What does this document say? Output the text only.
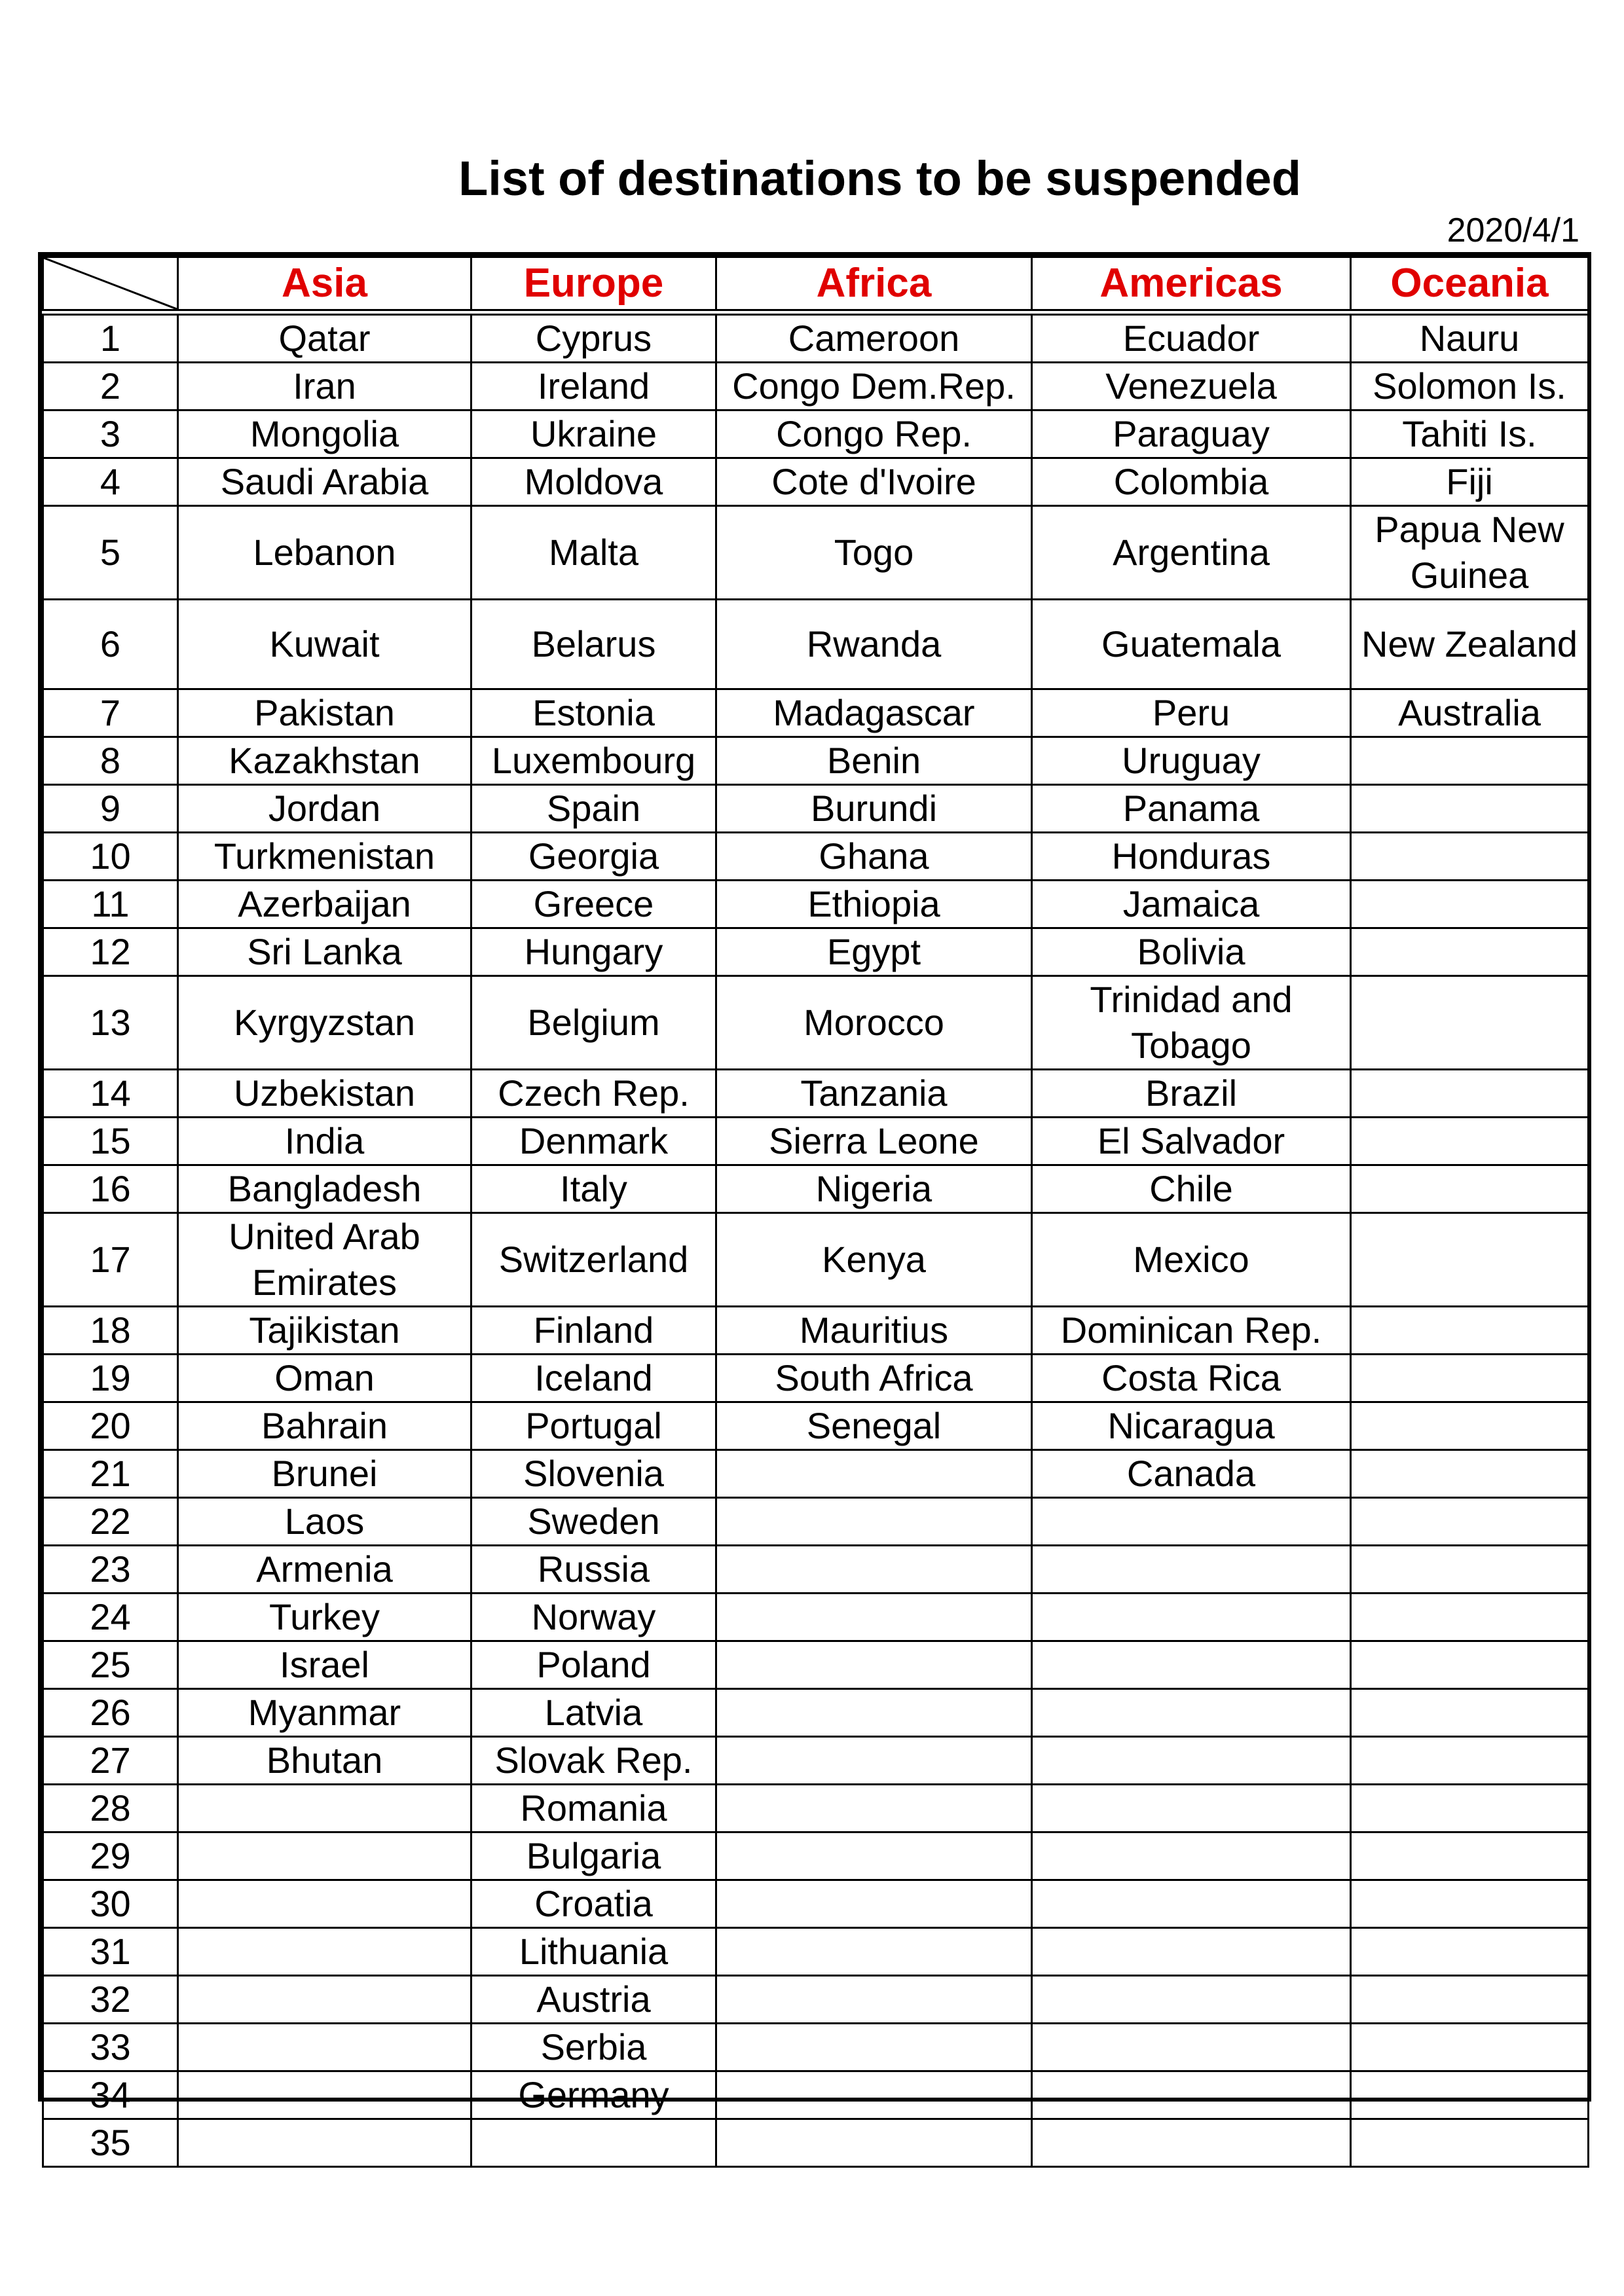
List of destinations to be suspended
2020/4/1
	Asia	Europe	Africa	Americas	Oceania
1	Qatar	Cyprus	Cameroon	Ecuador	Nauru
2	Iran	Ireland	Congo Dem.Rep.	Venezuela	Solomon Is.
3	Mongolia	Ukraine	Congo Rep.	Paraguay	Tahiti Is.
4	Saudi Arabia	Moldova	Cote d'Ivoire	Colombia	Fiji
5	Lebanon	Malta	Togo	Argentina	Papua New Guinea
6	Kuwait	Belarus	Rwanda	Guatemala	New Zealand
7	Pakistan	Estonia	Madagascar	Peru	Australia
8	Kazakhstan	Luxembourg	Benin	Uruguay	
9	Jordan	Spain	Burundi	Panama	
10	Turkmenistan	Georgia	Ghana	Honduras	
11	Azerbaijan	Greece	Ethiopia	Jamaica	
12	Sri Lanka	Hungary	Egypt	Bolivia	
13	Kyrgyzstan	Belgium	Morocco	Trinidad and Tobago	
14	Uzbekistan	Czech Rep.	Tanzania	Brazil	
15	India	Denmark	Sierra Leone	El Salvador	
16	Bangladesh	Italy	Nigeria	Chile	
17	United Arab Emirates	Switzerland	Kenya	Mexico	
18	Tajikistan	Finland	Mauritius	Dominican Rep.	
19	Oman	Iceland	South Africa	Costa Rica	
20	Bahrain	Portugal	Senegal	Nicaragua	
21	Brunei	Slovenia		Canada	
22	Laos	Sweden			
23	Armenia	Russia			
24	Turkey	Norway			
25	Israel	Poland			
26	Myanmar	Latvia			
27	Bhutan	Slovak Rep.			
28		Romania			
29		Bulgaria			
30		Croatia			
31		Lithuania			
32		Austria			
33		Serbia			
34		Germany			
35					
